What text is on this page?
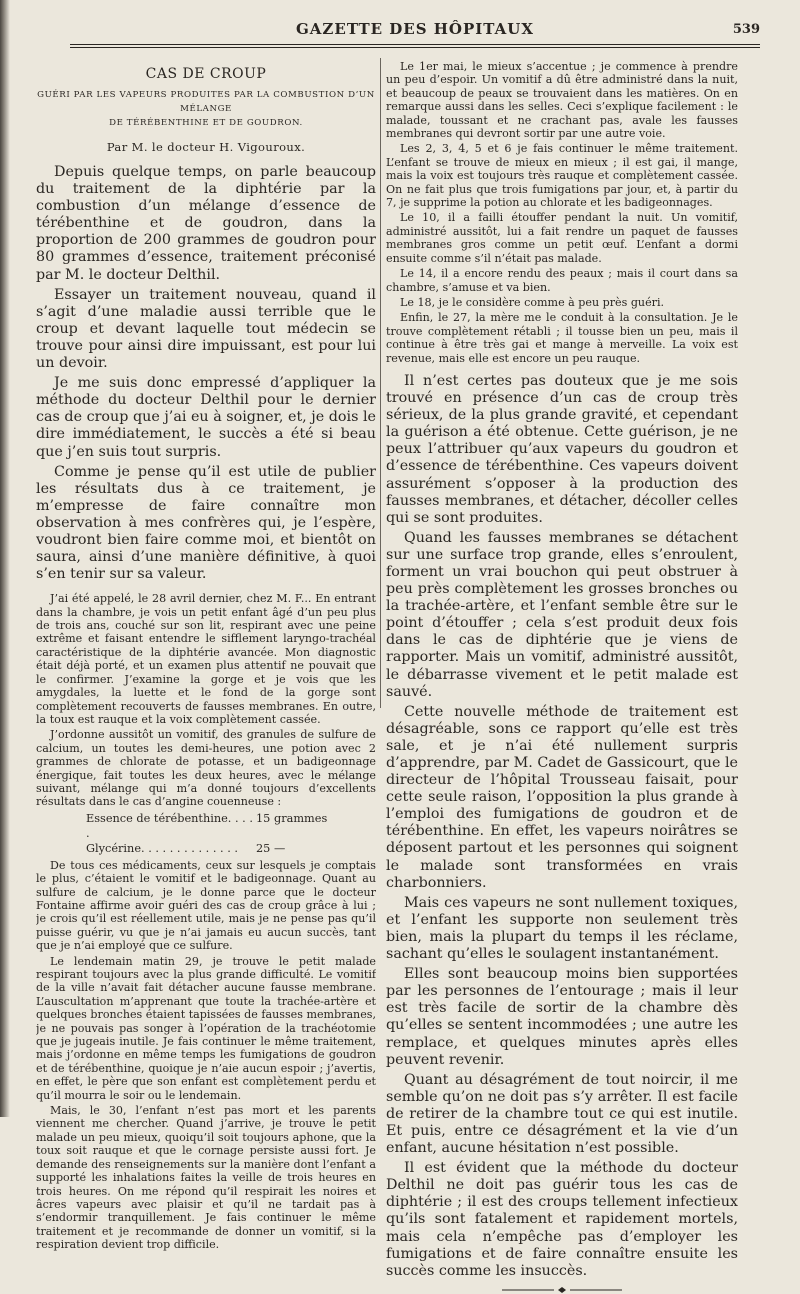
GAZETTE DES HÔPITAUX	539
CAS DE CROUP
GUÉRI PAR LES VAPEURS PRODUITES PAR LA COMBUSTION D’UN MÉLANGE
DE TÉRÉBENTHINE ET DE GOUDRON.
Par M. le docteur H. Vigouroux.

Depuis quelque temps, on parle beaucoup du traitement de la diphtérie par la combustion d’un mélange d’essence de térébenthine et de goudron, dans la proportion de 200 grammes de goudron pour 80 grammes d’essence, traitement préconisé par M. le docteur Delthil.

Essayer un traitement nouveau, quand il s’agit d’une maladie aussi terrible que le croup et devant laquelle tout médecin se trouve pour ainsi dire impuissant, est pour lui un devoir.

Je me suis donc empressé d’appliquer la méthode du docteur Delthil pour le dernier cas de croup que j’ai eu à soigner, et, je dois le dire immédiatement, le succès a été si beau que j’en suis tout surpris.

Comme je pense qu’il est utile de publier les résultats dus à ce traitement, je m’empresse de faire connaître mon observation à mes confrères qui, je l’espère, voudront bien faire comme moi, et bientôt on saura, ainsi d’une manière définitive, à quoi s’en tenir sur sa valeur.

J’ai été appelé, le 28 avril dernier, chez M. F... En entrant dans la chambre, je vois un petit enfant âgé d’un peu plus de trois ans, couché sur son lit, respirant avec une peine extrême et faisant entendre le sifflement laryngo-trachéal caractéristique de la diphtérie avancée. Mon diagnostic était déjà porté, et un examen plus attentif ne pouvait que le confirmer. J’examine la gorge et je vois que les amygdales, la luette et le fond de la gorge sont complètement recouverts de fausses membranes. En outre, la toux est rauque et la voix complètement cassée.

J’ordonne aussitôt un vomitif, des granules de sulfure de calcium, un toutes les demi-heures, une potion avec 2 grammes de chlorate de potasse, et un badigeonnage énergique, fait toutes les deux heures, avec le mélange suivant, mélange qui m’a donné toujours d’excellents résultats dans le cas d’angine couenneuse :

Essence de térébenthine. . . . .
15 grammes
Glycérine. . . . . . . . . . . . . .	25 —

De tous ces médicaments, ceux sur lesquels je comptais le plus, c’étaient le vomitif et le badigeonnage. Quant au sulfure de calcium, je le donne parce que le docteur Fontaine affirme avoir guéri des cas de croup grâce à lui ; je crois qu’il est réellement utile, mais je ne pense pas qu’il puisse guérir, vu que je n’ai jamais eu aucun succès, tant que je n’ai employé que ce sulfure.

Le lendemain matin 29, je trouve le petit malade respirant toujours avec la plus grande difficulté. Le vomitif de la ville n’avait fait détacher aucune fausse membrane. L’auscultation m’apprenant que toute la trachée-artère et quelques bronches étaient tapissées de fausses membranes, je ne pouvais pas songer à l’opération de la trachéotomie que je jugeais inutile. Je fais continuer le même traitement, mais j’ordonne en même temps les fumigations de goudron et de térébenthine, quoique je n’aie aucun espoir ; j’avertis, en effet, le père que son enfant est complètement perdu et qu’il mourra le soir ou le lendemain.

Mais, le 30, l’enfant n’est pas mort et les parents viennent me chercher. Quand j’arrive, je trouve le petit malade un peu mieux, quoiqu’il soit toujours aphone, que la toux soit rauque et que le cornage persiste aussi fort. Je demande des renseignements sur la manière dont l’enfant a supporté les inhalations faites la veille de trois heures en trois heures. On me répond qu’il respirait les noires et âcres vapeurs avec plaisir et qu’il ne tardait pas à s’endormir tranquillement. Je fais continuer le même traitement et je recommande de donner un vomitif, si la respiration devient trop difficile.

Le 1er mai, le mieux s’accentue ; je commence à prendre un peu d’espoir. Un vomitif a dû être administré dans la nuit, et beaucoup de peaux se trouvaient dans les matières. On en remarque aussi dans les selles. Ceci s’explique facilement : le malade, toussant et ne crachant pas, avale les fausses membranes qui devront sortir par une autre voie.

Les 2, 3, 4, 5 et 6 je fais continuer le même traitement. L’enfant se trouve de mieux en mieux ; il est gai, il mange, mais la voix est toujours très rauque et complètement cassée. On ne fait plus que trois fumigations par jour, et, à partir du 7, je supprime la potion au chlorate et les badigeonnages.

Le 10, il a failli étouffer pendant la nuit. Un vomitif, administré aussitôt, lui a fait rendre un paquet de fausses membranes gros comme un petit œuf. L’enfant a dormi ensuite comme s’il n’était pas malade.

Le 14, il a encore rendu des peaux ; mais il court dans sa chambre, s’amuse et va bien.

Le 18, je le considère comme à peu près guéri.

Enfin, le 27, la mère me le conduit à la consultation. Je le trouve complètement rétabli ; il tousse bien un peu, mais il continue à être très gai et mange à merveille. La voix est revenue, mais elle est encore un peu rauque.

Il n’est certes pas douteux que je me sois trouvé en présence d’un cas de croup très sérieux, de la plus grande gravité, et cependant la guérison a été obtenue. Cette guérison, je ne peux l’attribuer qu’aux vapeurs du goudron et d’essence de térébenthine. Ces vapeurs doivent assurément s’opposer à la production des fausses membranes, et détacher, décoller celles qui se sont produites.

Quand les fausses membranes se détachent sur une surface trop grande, elles s’enroulent, forment un vrai bouchon qui peut obstruer à peu près complètement les grosses bronches ou la trachée-artère, et l’enfant semble être sur le point d’étouffer ; cela s’est produit deux fois dans le cas de diphtérie que je viens de rapporter. Mais un vomitif, administré aussitôt, le débarrasse vivement et le petit malade est sauvé.

Cette nouvelle méthode de traitement est désagréable, sons ce rapport qu’elle est très sale, et je n’ai été nullement surpris d’apprendre, par M. Cadet de Gassicourt, que le directeur de l’hôpital Trousseau faisait, pour cette seule raison, l’opposition la plus grande à l’emploi des fumigations de goudron et de térébenthine. En effet, les vapeurs noirâtres se déposent partout et les personnes qui soignent le malade sont transformées en vrais charbonniers.

Mais ces vapeurs ne sont nullement toxiques, et l’enfant les supporte non seulement très bien, mais la plupart du temps il les réclame, sachant qu’elles le soulagent instantanément.

Elles sont beaucoup moins bien supportées par les personnes de l’entourage ; mais il leur est très facile de sortir de la chambre dès qu’elles se sentent incommodées ; une autre les remplace, et quelques minutes après elles peuvent revenir.

Quant au désagrément de tout noircir, il me semble qu’on ne doit pas s’y arrêter. Il est facile de retirer de la chambre tout ce qui est inutile. Et puis, entre ce désagrément et la vie d’un enfant, aucune hésitation n’est possible.

Il est évident que la méthode du docteur Delthil ne doit pas guérir tous les cas de diphtérie ; il est des croups tellement infectieux qu’ils sont fatalement et rapidement mortels, mais cela n’empêche pas d’employer les fumigations et de faire connaître ensuite les succès comme les insuccès.
